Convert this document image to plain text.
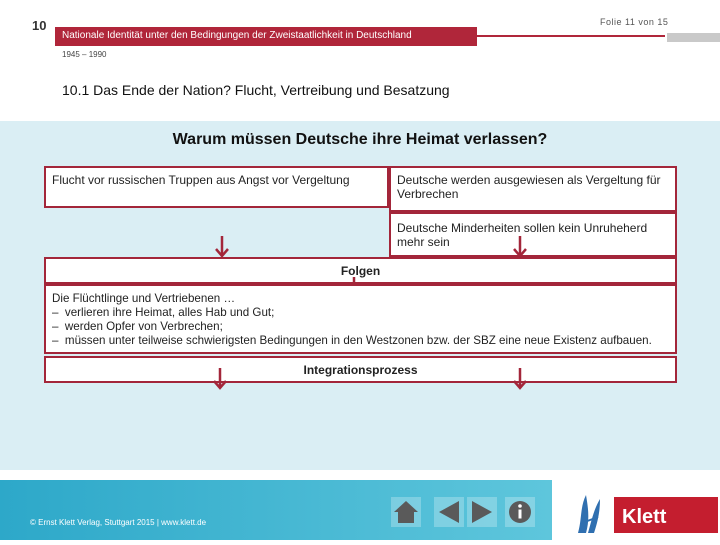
10	Folie 11 von 15
Nationale Identität unter den Bedingungen der Zweistaatlichkeit in Deutschland
1945 – 1990
10.1 Das Ende der Nation? Flucht, Vertreibung und Besatzung
Warum müssen Deutsche ihre Heimat verlassen?
Flucht vor russischen Truppen aus Angst vor Vergeltung	Deutsche werden ausgewiesen als Vergeltung für Verbrechen
Deutsche Minderheiten sollen kein Unruheherd mehr sein
Folgen
Die Flüchtlinge und Vertriebenen …
– verlieren ihre Heimat, alles Hab und Gut;
– werden Opfer von Verbrechen;
– müssen unter teilweise schwierigsten Bedingungen in den Westzonen bzw. der SBZ eine neue Existenz aufbauen.
Integrationsprozess
© Ernst Klett Verlag, Stuttgart 2015 | www.klett.de	Klett
